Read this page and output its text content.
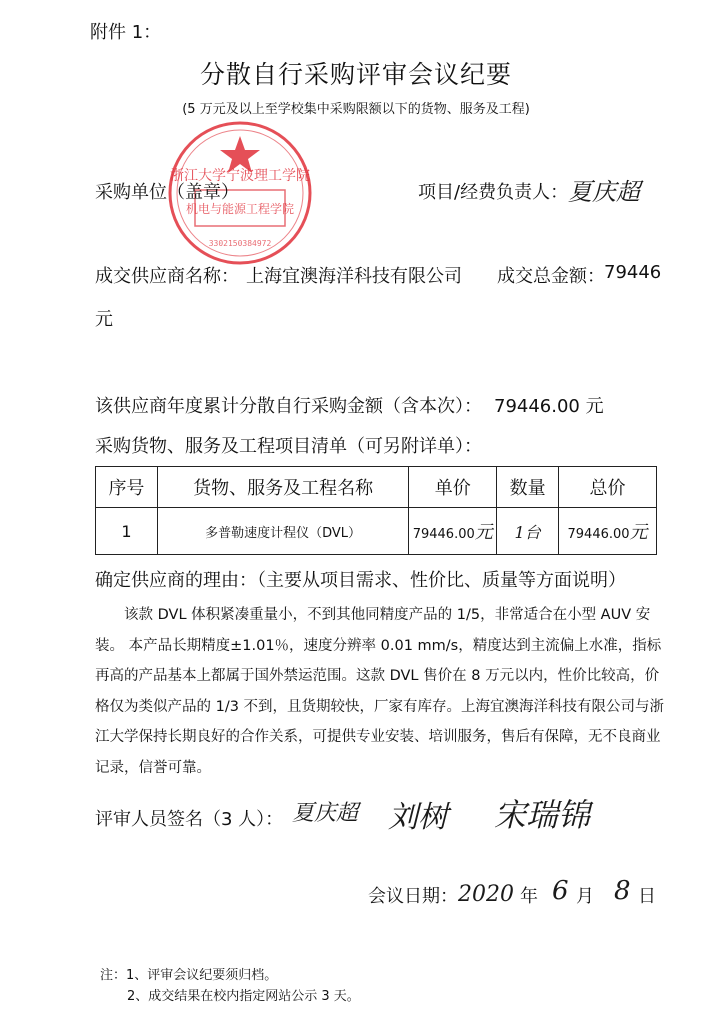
附件 1：
分散自行采购评审会议纪要
(5 万元及以上至学校集中采购限额以下的货物、服务及工程)
浙江大学宁波理工学院
机电与能源工程学院
3302150384972
采购单位（盖章）	项目/经费负责人： 夏庆超
成交供应商名称： 上海宜澳海洋科技有限公司 成交总金额： 79446
元
该供应商年度累计分散自行采购金额（含本次）： 79446.00 元
采购货物、服务及工程项目清单（可另附详单）：
序号	货物、服务及工程名称	单价	数量	总价
1	多普勒速度计程仪（DVL）	79446.00元	1台	79446.00元
确定供应商的理由：（主要从项目需求、性价比、质量等方面说明）
该款 DVL 体积紧凑重量小，不到其他同精度产品的 1/5，非常适合在小型 AUV 安装。 本产品长期精度±1.01％，速度分辨率 0.01 mm/s，精度达到主流偏上水准，指标再高的产品基本上都属于国外禁运范围。这款 DVL 售价在 8 万元以内，性价比较高，价格仅为类似产品的 1/3 不到，且货期较快，厂家有库存。上海宜澳海洋科技有限公司与浙江大学保持长期良好的合作关系，可提供专业安装、培训服务，售后有保障，无不良商业记录，信誉可靠。
评审人员签名（3 人）： 夏庆超 刘树 宋瑞锦
会议日期： 2020 年 6 月 8 日
注：1、评审会议纪要须归档。
2、成交结果在校内指定网站公示 3 天。
